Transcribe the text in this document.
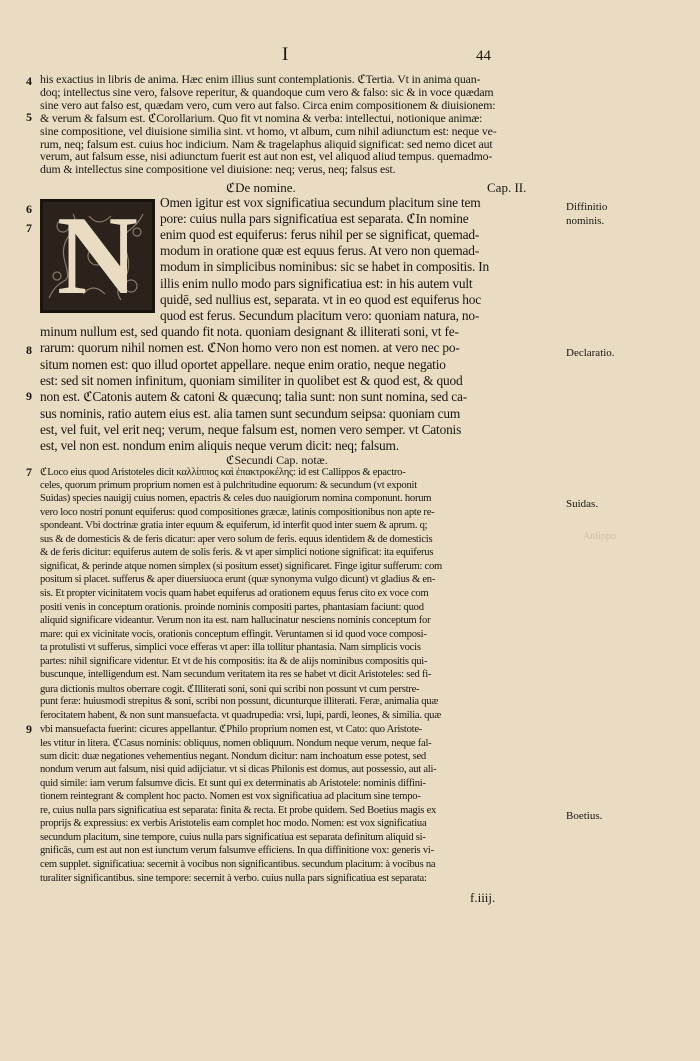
I	44
4
5
6
7
8
9
7
9
Diffinitio nominis.
Declaratio.
Suidas.
Boetius.
his exactius in libris de anima. Hæc enim illius sunt contemplationis. ℭTertia. Vt in anima quan-
doq; intellectus sine vero, falsove reperitur, & quandoque cum vero & falso: sic & in voce quædam
sine vero aut falso est, quædam vero, cum vero aut falso. Circa enim compositionem & diuisionem:
& verum & falsum est. ℭCorollarium. Quo fit vt nomina & verba: intellectui, notionique animæ:
sine compositione, vel diuisione similia sint. vt homo, vt album, cum nihil adiunctum est: neque ve-
rum, neq; falsum est. cuius hoc indicium. Nam & tragelaphus aliquid significat: sed nemo dicet aut
verum, aut falsum esse, nisi adiunctum fuerit est aut non est, vel aliquod aliud tempus. quemadmo-
dum & intellectus sine compositione vel diuisione: neq; verus, neq; falsus est.
ℭDe nomine.	Cap. II.
N	Omen igitur est vox significatiua secundum placitum sine tem
pore: cuius nulla pars significatiua est separata. ℭIn nomine
enim quod est equiferus: ferus nihil per se significat, quemad-
modum in oratione quæ est equus ferus. At vero non quemad-
modum in simplicibus nominibus: sic se habet in compositis. In
illis enim nullo modo pars significatiua est: in his autem vult
quidē, sed nullius est, separata. vt in eo quod est equiferus hoc
quod est ferus. Secundum placitum vero: quoniam natura, no-
minum nullum est, sed quando fit nota. quoniam designant & illiterati soni, vt fe-
rarum: quorum nihil nomen est. ℭNon homo vero non est nomen. at vero nec po-
situm nomen est: quo illud oportet appellare. neque enim oratio, neque negatio
est: sed sit nomen infinitum, quoniam similiter in quolibet est & quod est, & quod
non est. ℭCatonis autem & catoni & quæcunq; talia sunt: non sunt nomina, sed ca-
sus nominis, ratio autem eius est. alia tamen sunt secundum seipsa: quoniam cum
est, vel fuit, vel erit neq; verum, neque falsum est, nomen vero semper. vt Catonis
est, vel non est. nondum enim aliquis neque verum dicit: neq; falsum.
ℭSecundi Cap. notæ.
ℭLoco eius quod Aristoteles dicit καλλίππος καὶ ἐπακτροκέλης: id est Callippos & epactro-
celes, quorum primum proprium nomen est à pulchritudine equorum: & secundum (vt exponit
Suidas) species nauigij cuius nomen, epactris & celes duo nauigiorum nomina componunt. horum
vero loco nostri ponunt equiferus: quod compositiones græcæ, latinis compositionibus non apte re-
spondeant. Vbi doctrinæ gratia inter equum & equiferum, id interfit quod inter suem & aprum. q;
sus & de domesticis & de feris dicatur: aper vero solum de feris. equus identidem & de domesticis
& de feris dicitur: equiferus autem de solis feris. & vt aper simplici notione significat: ita equiferus
significat, & perinde atque nomen simplex (si positum esset) significaret. Finge igitur sufferum: com
positum si placet. sufferus & aper diuersiuoca erunt (quæ synonyma vulgo dicunt) vt gladius & en-
sis. Et propter vicinitatem vocis quam habet equiferus ad orationem equus ferus cito ex voce com
positi venis in conceptum orationis. proinde nominis compositi partes, phantasiam faciunt: quod
aliquid significare videantur. Verum non ita est. nam hallucinatur nesciens nominis conceptum for
mare: qui ex vicinitate vocis, orationis conceptum effingit. Veruntamen si id quod voce composi-
ta protulisti vt sufferus, simplici voce efferas vt aper: illa tollitur phantasia. Nam simplicis vocis
partes: nihil significare videntur. Et vt de his compositis: ita & de alijs nominibus compositis qui-
buscunque, intelligendum est. Nam secundum veritatem ita res se habet vt dicit Aristoteles: sed fi-
gura dictionis multos oberrare cogit. ℭIlliterati soni, soni qui scribi non possunt vt cum perstre-
punt feræ: huiusmodi strepitus & soni, scribi non possunt, dicunturque illiterati. Feræ, animalia quæ
ferocitatem habent, & non sunt mansuefacta. vt quadrupedia: vrsi, lupi, pardi, leones, & similia. quæ
vbi mansuefacta fuerint: cicures appellantur. ℭPhilo proprium nomen est, vt Cato: quo Aristote-
les vtitur in litera. ℭCasus nominis: obliquus, nomen obliquum. Nondum neque verum, neque fal-
sum dicit: duæ negationes vehementius negant. Nondum dicitur: nam inchoatum esse potest, sed
nondum verum aut falsum, nisi quid adijciatur. vt si dicas Philonis est domus, aut possessio, aut ali-
quid simile: iam verum falsumve dicis. Et sunt qui ex determinatis ab Aristotele: nominis diffini-
tionem reintegrant & complent hoc pacto. Nomen est vox significatiua ad placitum sine tempo-
re, cuius nulla pars significatiua est separata: finita & recta. Et probe quidem. Sed Boetius magis ex
proprijs & expressius: ex verbis Aristotelis eam complet hoc modo. Nomen: est vox significatiua
secundum placitum, sine tempore, cuius nulla pars significatiua est separata definitum aliquid si-
gnificās, cum est aut non est iunctum verum falsumve efficiens. In qua diffinitione vox: generis vi-
cem supplet. significatiua: secernit à vocibus non significantibus. secundum placitum: à vocibus na
turaliter significantibus. sine tempore: secernit à verbo. cuius nulla pars significatiua est separata:
f.iiij.
Anlippo
